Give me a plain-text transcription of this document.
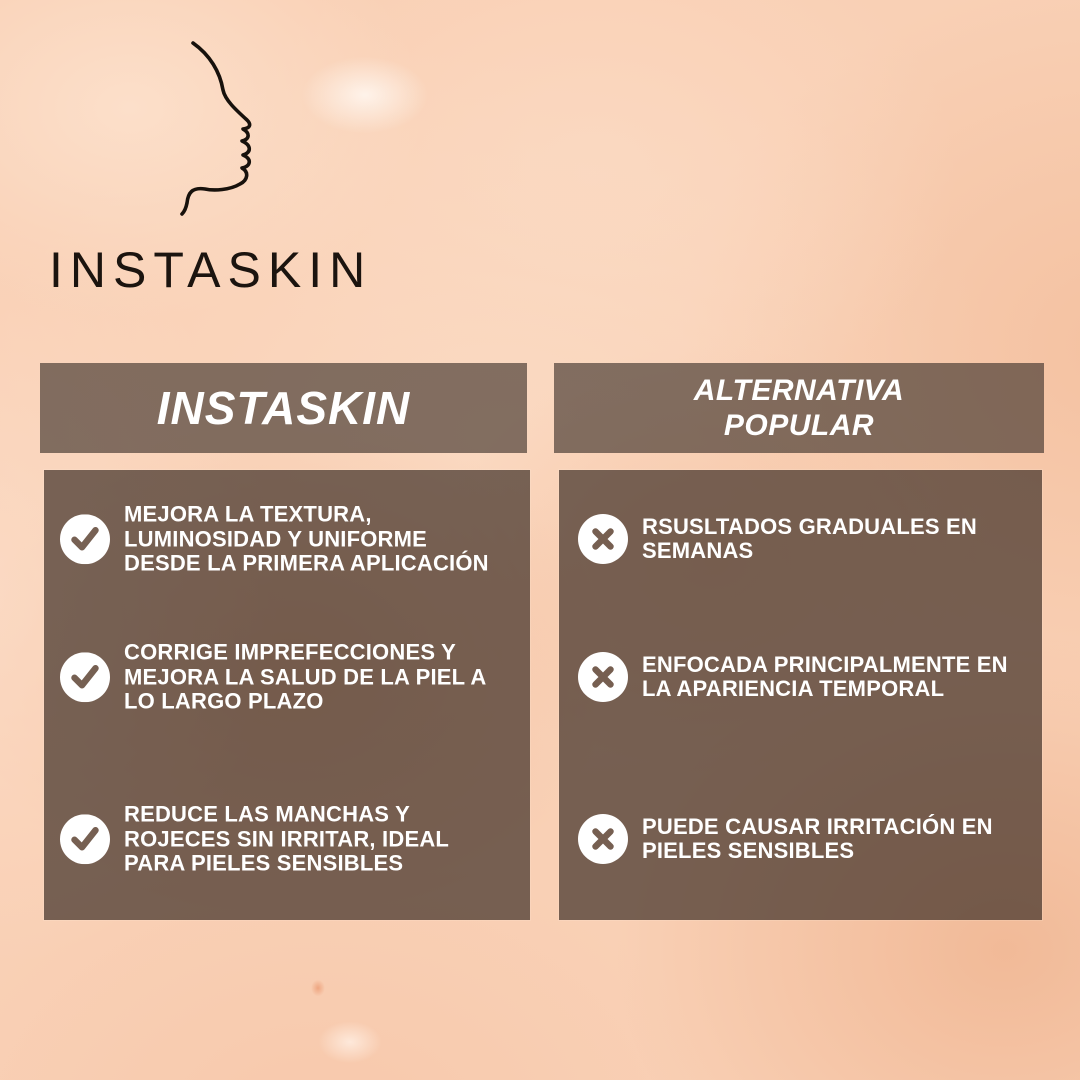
INSTASKIN
INSTASKIN	ALTERNATIVA
POPULAR
MEJORA LA TEXTURA,
LUMINOSIDAD Y UNIFORME
DESDE LA PRIMERA APLICACIÓN
CORRIGE IMPREFECCIONES Y
MEJORA LA SALUD DE LA PIEL A
LO LARGO PLAZO
REDUCE LAS MANCHAS Y
ROJECES SIN IRRITAR, IDEAL
PARA PIELES SENSIBLES
RSUSLTADOS GRADUALES EN
SEMANAS
ENFOCADA PRINCIPALMENTE EN
LA APARIENCIA TEMPORAL
PUEDE CAUSAR IRRITACIÓN EN
PIELES SENSIBLES
